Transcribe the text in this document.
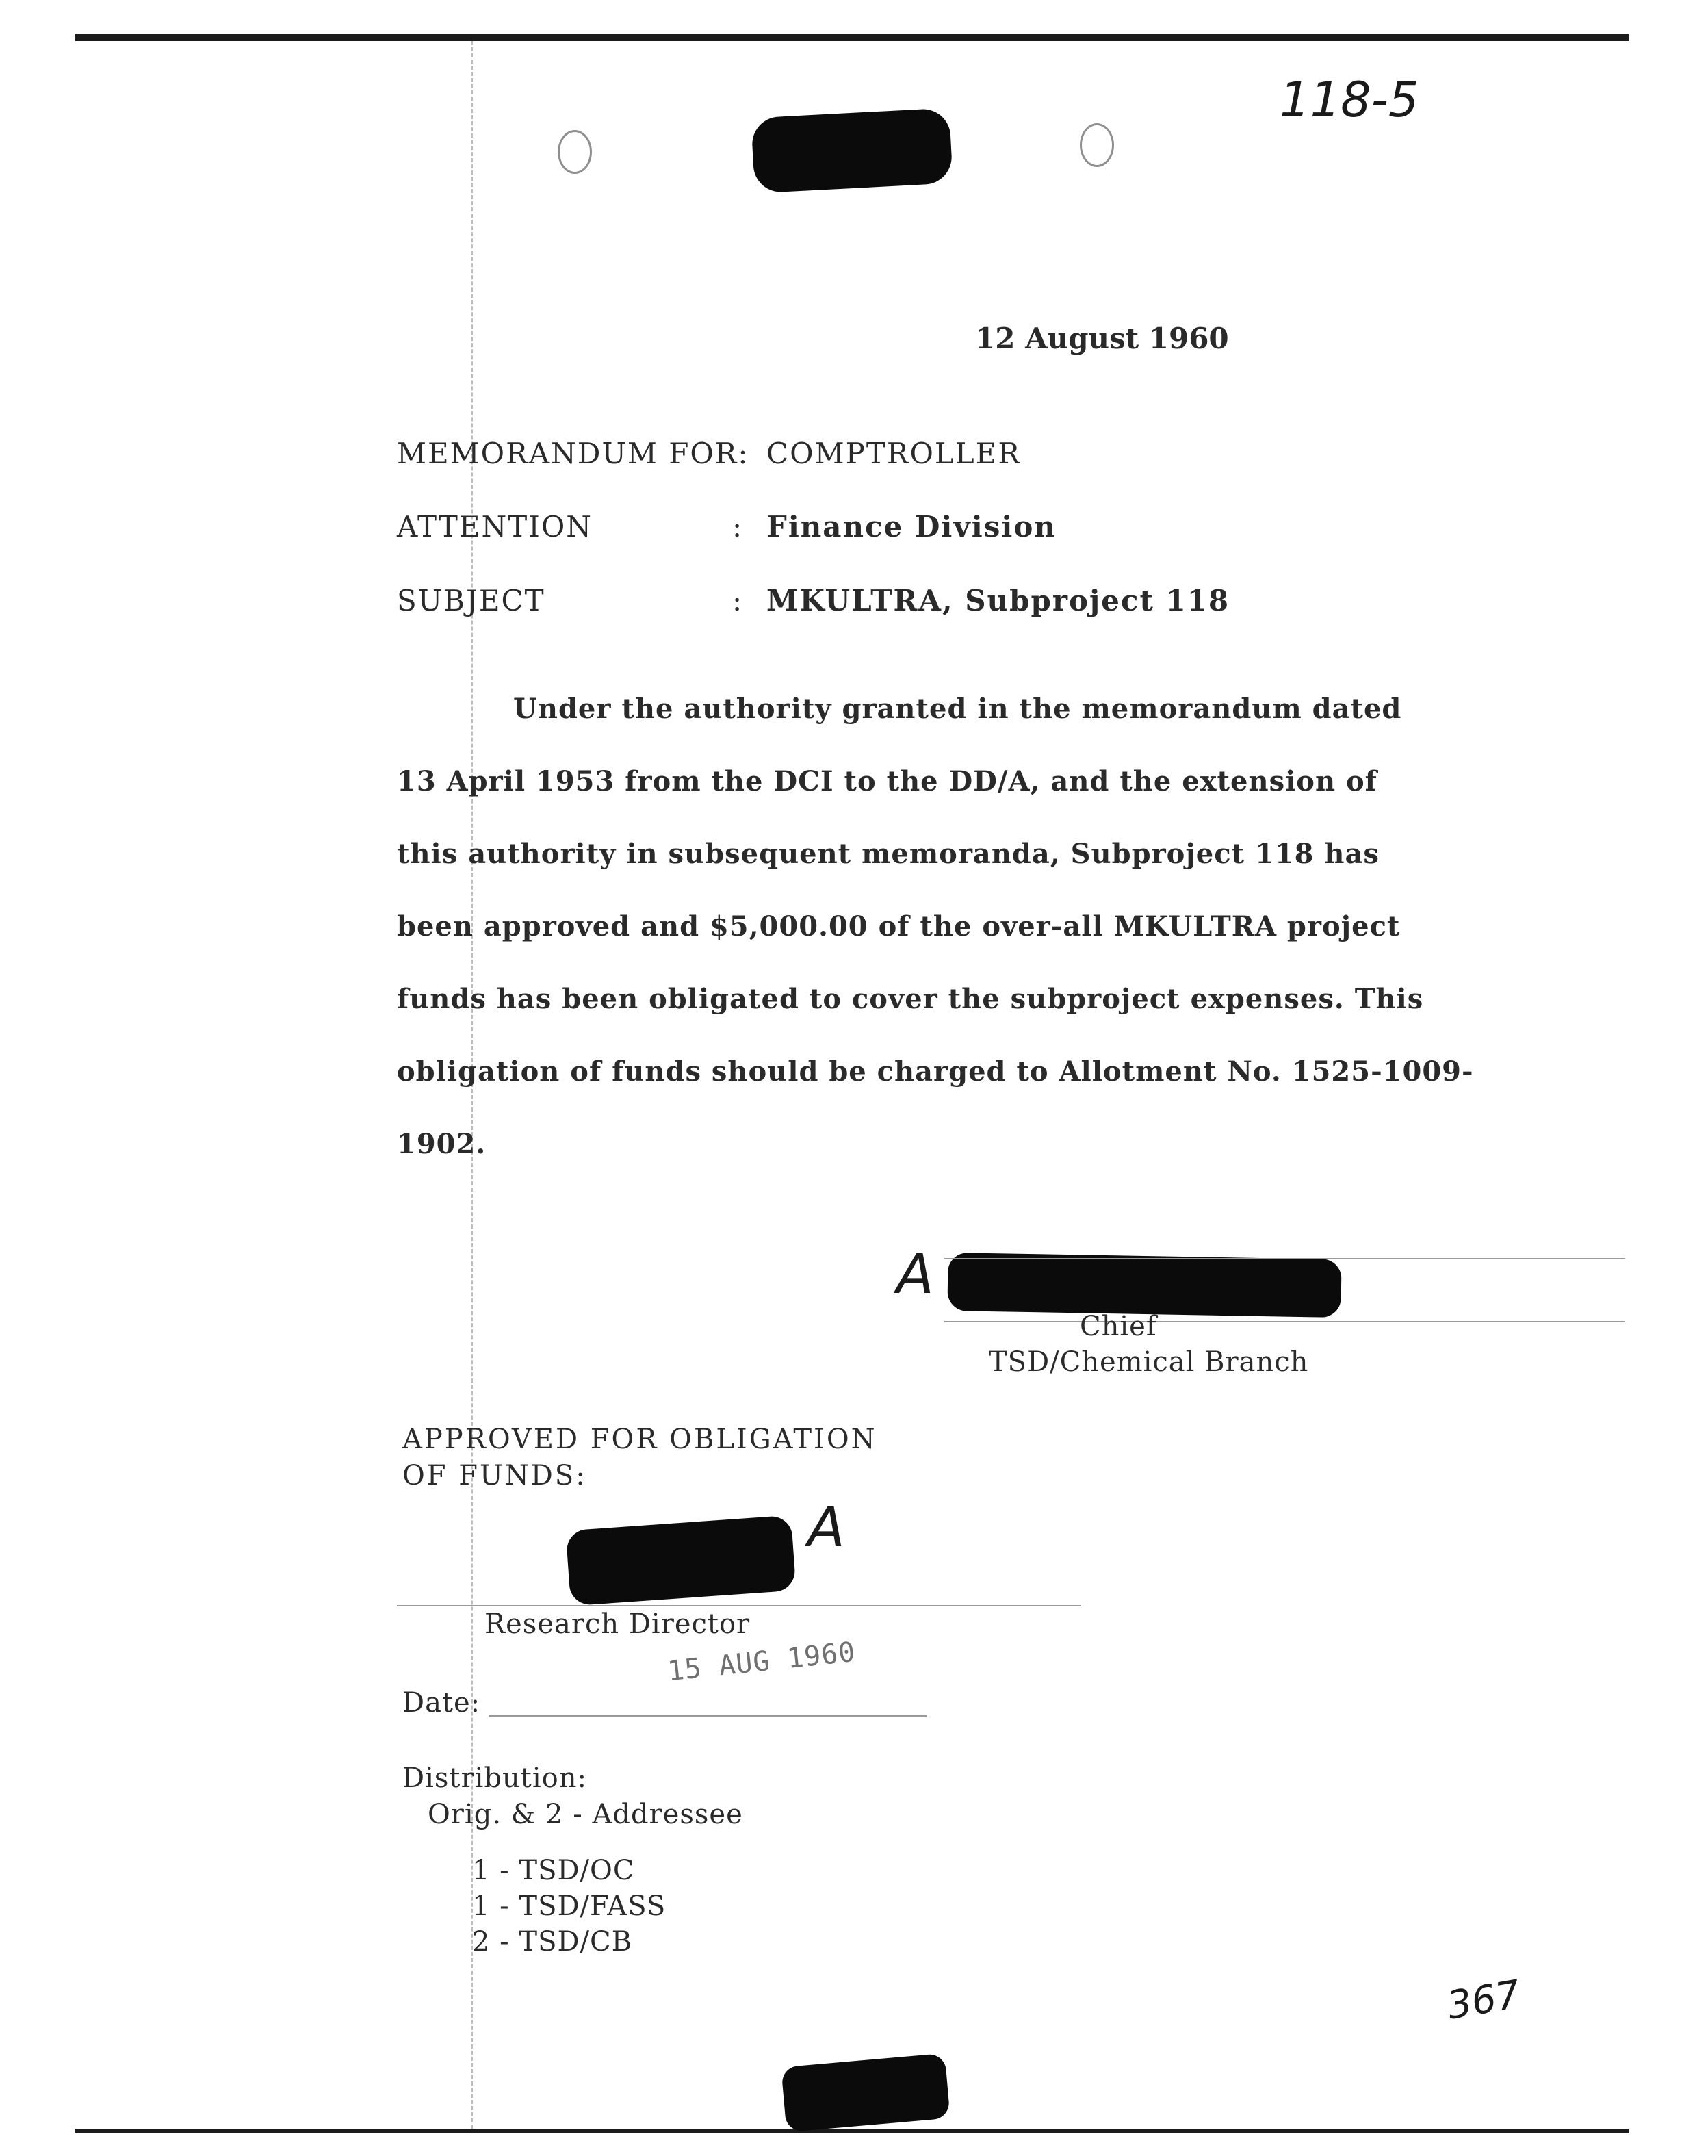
118-5
12 August 1960
MEMORANDUM FOR: COMPTROLLER
ATTENTION	: Finance Division
SUBJECT	: MKULTRA, Subproject 118
Under the authority granted in the memorandum dated
13 April 1953 from the DCI to the DD/A, and the extension of
this authority in subsequent memoranda, Subproject 118 has
been approved and $5,000.00 of the over-all MKULTRA project
funds has been obligated to cover the subproject expenses. This
obligation of funds should be charged to Allotment No. 1525-1009-
1902.
A
Chief
TSD/Chemical Branch
APPROVED FOR OBLIGATION
OF FUNDS:
A
Research Director
15 AUG 1960
Date:
Distribution:
Orig. & 2 - Addressee
1 - TSD/OC
1 - TSD/FASS
2 - TSD/CB
367
